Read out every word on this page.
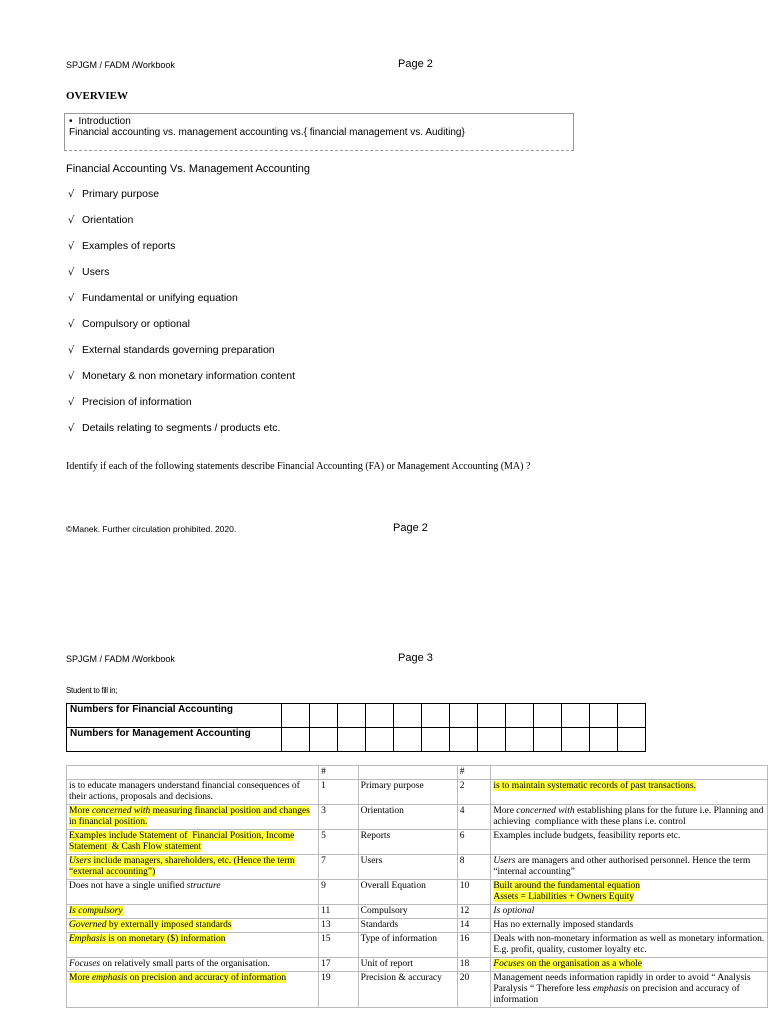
SPJGM / FADM /Workbook	Page 2
OVERVIEW
• Introduction
Financial accounting vs. management accounting vs.{ financial management vs. Auditing}
Financial Accounting Vs. Management Accounting
√ Primary purpose
√ Orientation
√ Examples of reports
√ Users
√ Fundamental or unifying equation
√ Compulsory or optional
√ External standards governing preparation
√ Monetary & non monetary information content
√ Precision of information
√ Details relating to segments / products etc.
Identify if each of the following statements describe Financial Accounting (FA) or Management Accounting (MA) ?
©Manek. Further circulation prohibited. 2020.	Page 2
SPJGM / FADM /Workbook	Page 3
Student to fill in;
Numbers for Financial Accounting													
Numbers for Management Accounting													
	#		#	
is to educate managers understand financial consequences of their actions, proposals and decisions.	1	Primary purpose	2	is to maintain systematic records of past transactions.
More concerned with measuring financial position and changes in financial position.	3	Orientation	4	More concerned with establishing plans for the future i.e. Planning and achieving  compliance with these plans i.e. control
Examples include Statement of  Financial Position, Income Statement  & Cash Flow statement	5	Reports	6	Examples include budgets, feasibility reports etc.
Users include managers, shareholders, etc. (Hence the term “external accounting”)	7	Users	8	Users are managers and other authorised personnel. Hence the term   “internal accounting”
Does not have a single unified structure	9	Overall Equation	10	Built around the fundamental equation
Assets = Liabilities + Owners Equity
Is compulsory	11	Compulsory	12	Is optional
Governed by externally imposed standards	13	Standards	14	Has no externally imposed standards
Emphasis is on monetary ($) information	15	Type of information	16	Deals with non-monetary information as well as monetary information. E.g. profit, quality, customer loyalty etc.
Focuses on relatively small parts of the organisation.	17	Unit of report	18	Focuses on the organisation as a whole
More emphasis on precision and accuracy of information	19	Precision & accuracy	20	Management needs information rapidly in order to avoid “ Analysis Paralysis “ Therefore less emphasis on precision and accuracy of information
